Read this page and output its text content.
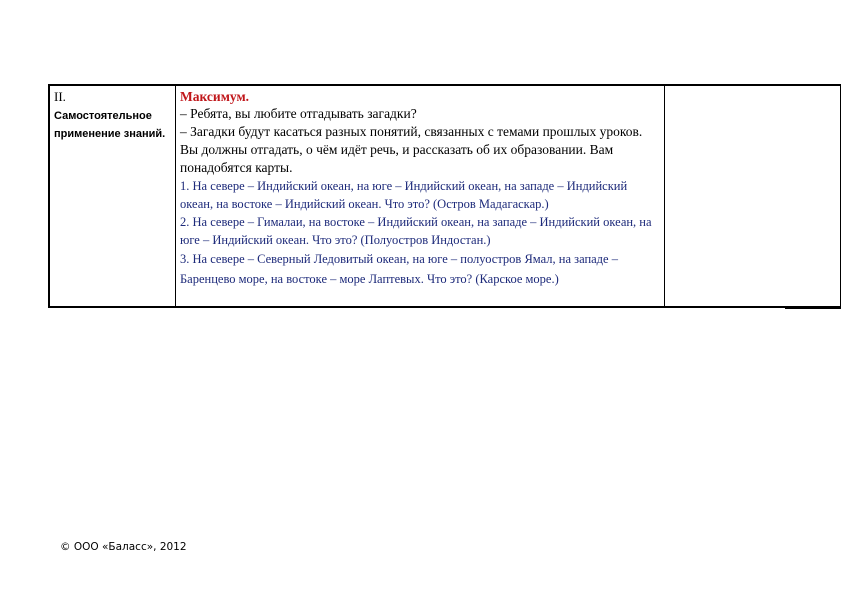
II.
Самостоятельное применение знаний.
Максимум.
– Ребята, вы любите отгадывать загадки?
– Загадки будут касаться разных понятий, связанных с темами прошлых уроков. Вы должны отгадать, о чём идёт речь, и рассказать об их образовании. Вам понадобятся карты.
1. На севере – Индийский океан, на юге – Индийский океан, на западе – Индийский океан, на востоке – Индийский океан. Что это? (Остров Мадагаскар.)
2. На севере – Гималаи, на востоке – Индийский океан, на западе – Индийский океан, на юге – Индийский океан. Что это? (Полуостров Индостан.)
3. На севере – Северный Ледовитый океан, на юге – полуостров Ямал, на западе – Баренцево море, на востоке – море Лаптевых. Что это? (Карское море.)
© ООО «Баласс», 2012
